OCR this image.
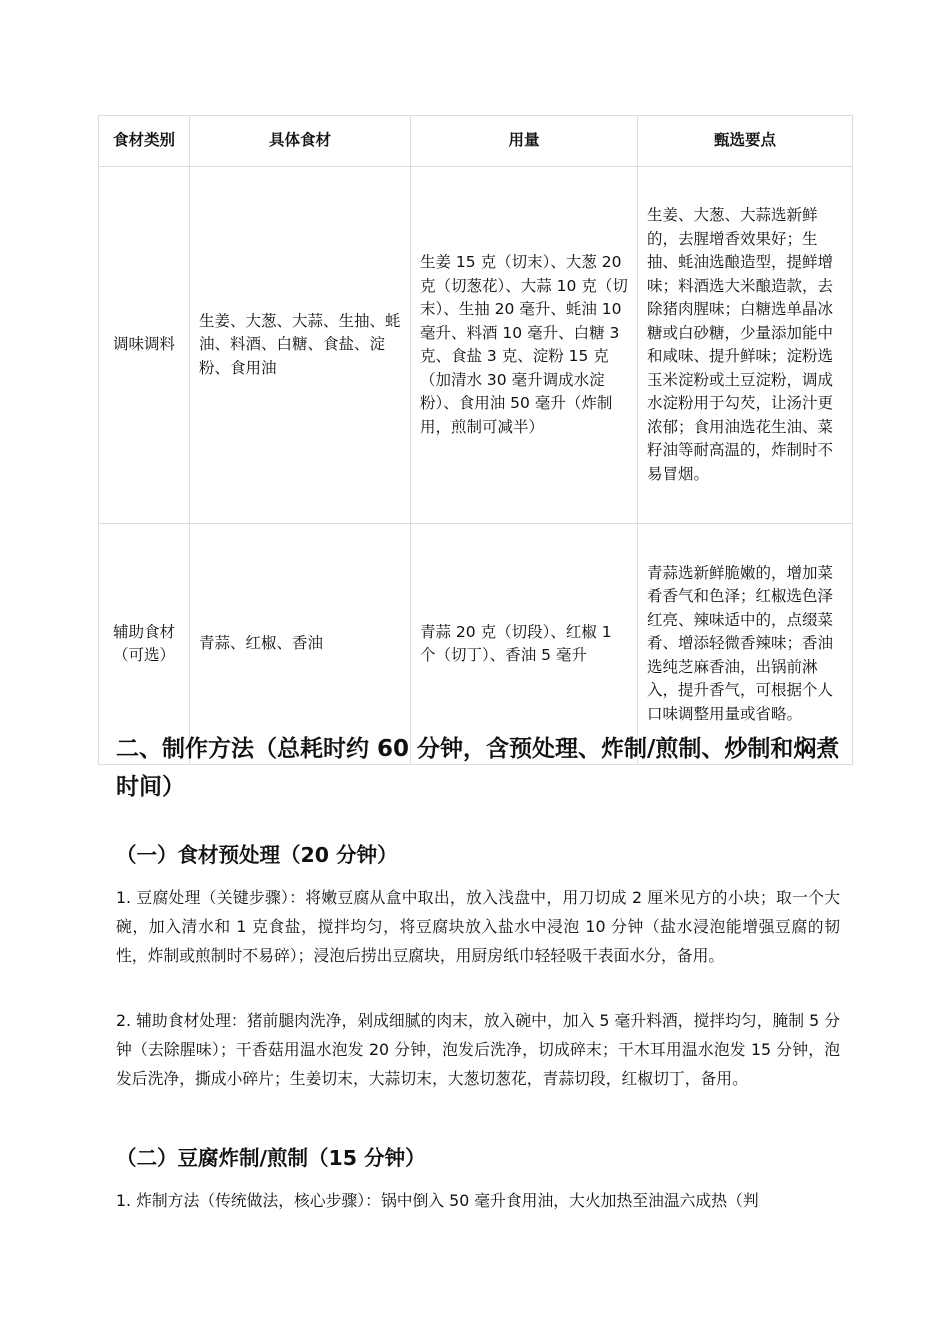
食材类别	具体食材	用量	甄选要点
调味调料	生姜、大葱、大蒜、生抽、蚝油、料酒、白糖、食盐、淀粉、食用油	生姜 15 克（切末）、大葱 20 克（切葱花）、大蒜 10 克（切末）、生抽 20 毫升、蚝油 10 毫升、料酒 10 毫升、白糖 3 克、食盐 3 克、淀粉 15 克（加清水 30 毫升调成水淀粉）、食用油 50 毫升（炸制用，煎制可减半）	生姜、大葱、大蒜选新鲜的，去腥增香效果好；生抽、蚝油选酿造型，提鲜增味；料酒选大米酿造款，去除猪肉腥味；白糖选单晶冰糖或白砂糖，少量添加能中和咸味、提升鲜味；淀粉选玉米淀粉或土豆淀粉，调成水淀粉用于勾芡，让汤汁更浓郁；食用油选花生油、菜籽油等耐高温的，炸制时不易冒烟。
辅助食材（可选）	青蒜、红椒、香油	青蒜 20 克（切段）、红椒 1 个（切丁）、香油 5 毫升	青蒜选新鲜脆嫩的，增加菜肴香气和色泽；红椒选色泽红亮、辣味适中的，点缀菜肴、增添轻微香辣味；香油选纯芝麻香油，出锅前淋入，提升香气，可根据个人口味调整用量或省略。
二、制作方法（总耗时约 60 分钟，含预处理、炸制/煎制、炒制和焖煮时间）
（一）食材预处理（20 分钟）

1. 豆腐处理（关键步骤）：将嫩豆腐从盒中取出，放入浅盘中，用刀切成 2 厘米见方的小块；取一个大碗，加入清水和 1 克食盐，搅拌均匀，将豆腐块放入盐水中浸泡 10 分钟（盐水浸泡能增强豆腐的韧性，炸制或煎制时不易碎）；浸泡后捞出豆腐块，用厨房纸巾轻轻吸干表面水分，备用。

2. 辅助食材处理：猪前腿肉洗净，剁成细腻的肉末，放入碗中，加入 5 毫升料酒，搅拌均匀，腌制 5 分钟（去除腥味）；干香菇用温水泡发 20 分钟，泡发后洗净，切成碎末；干木耳用温水泡发 15 分钟，泡发后洗净，撕成小碎片；生姜切末，大蒜切末，大葱切葱花，青蒜切段，红椒切丁，备用。

（二）豆腐炸制/煎制（15 分钟）

1. 炸制方法（传统做法，核心步骤）：锅中倒入 50 毫升食用油，大火加热至油温六成热（判
